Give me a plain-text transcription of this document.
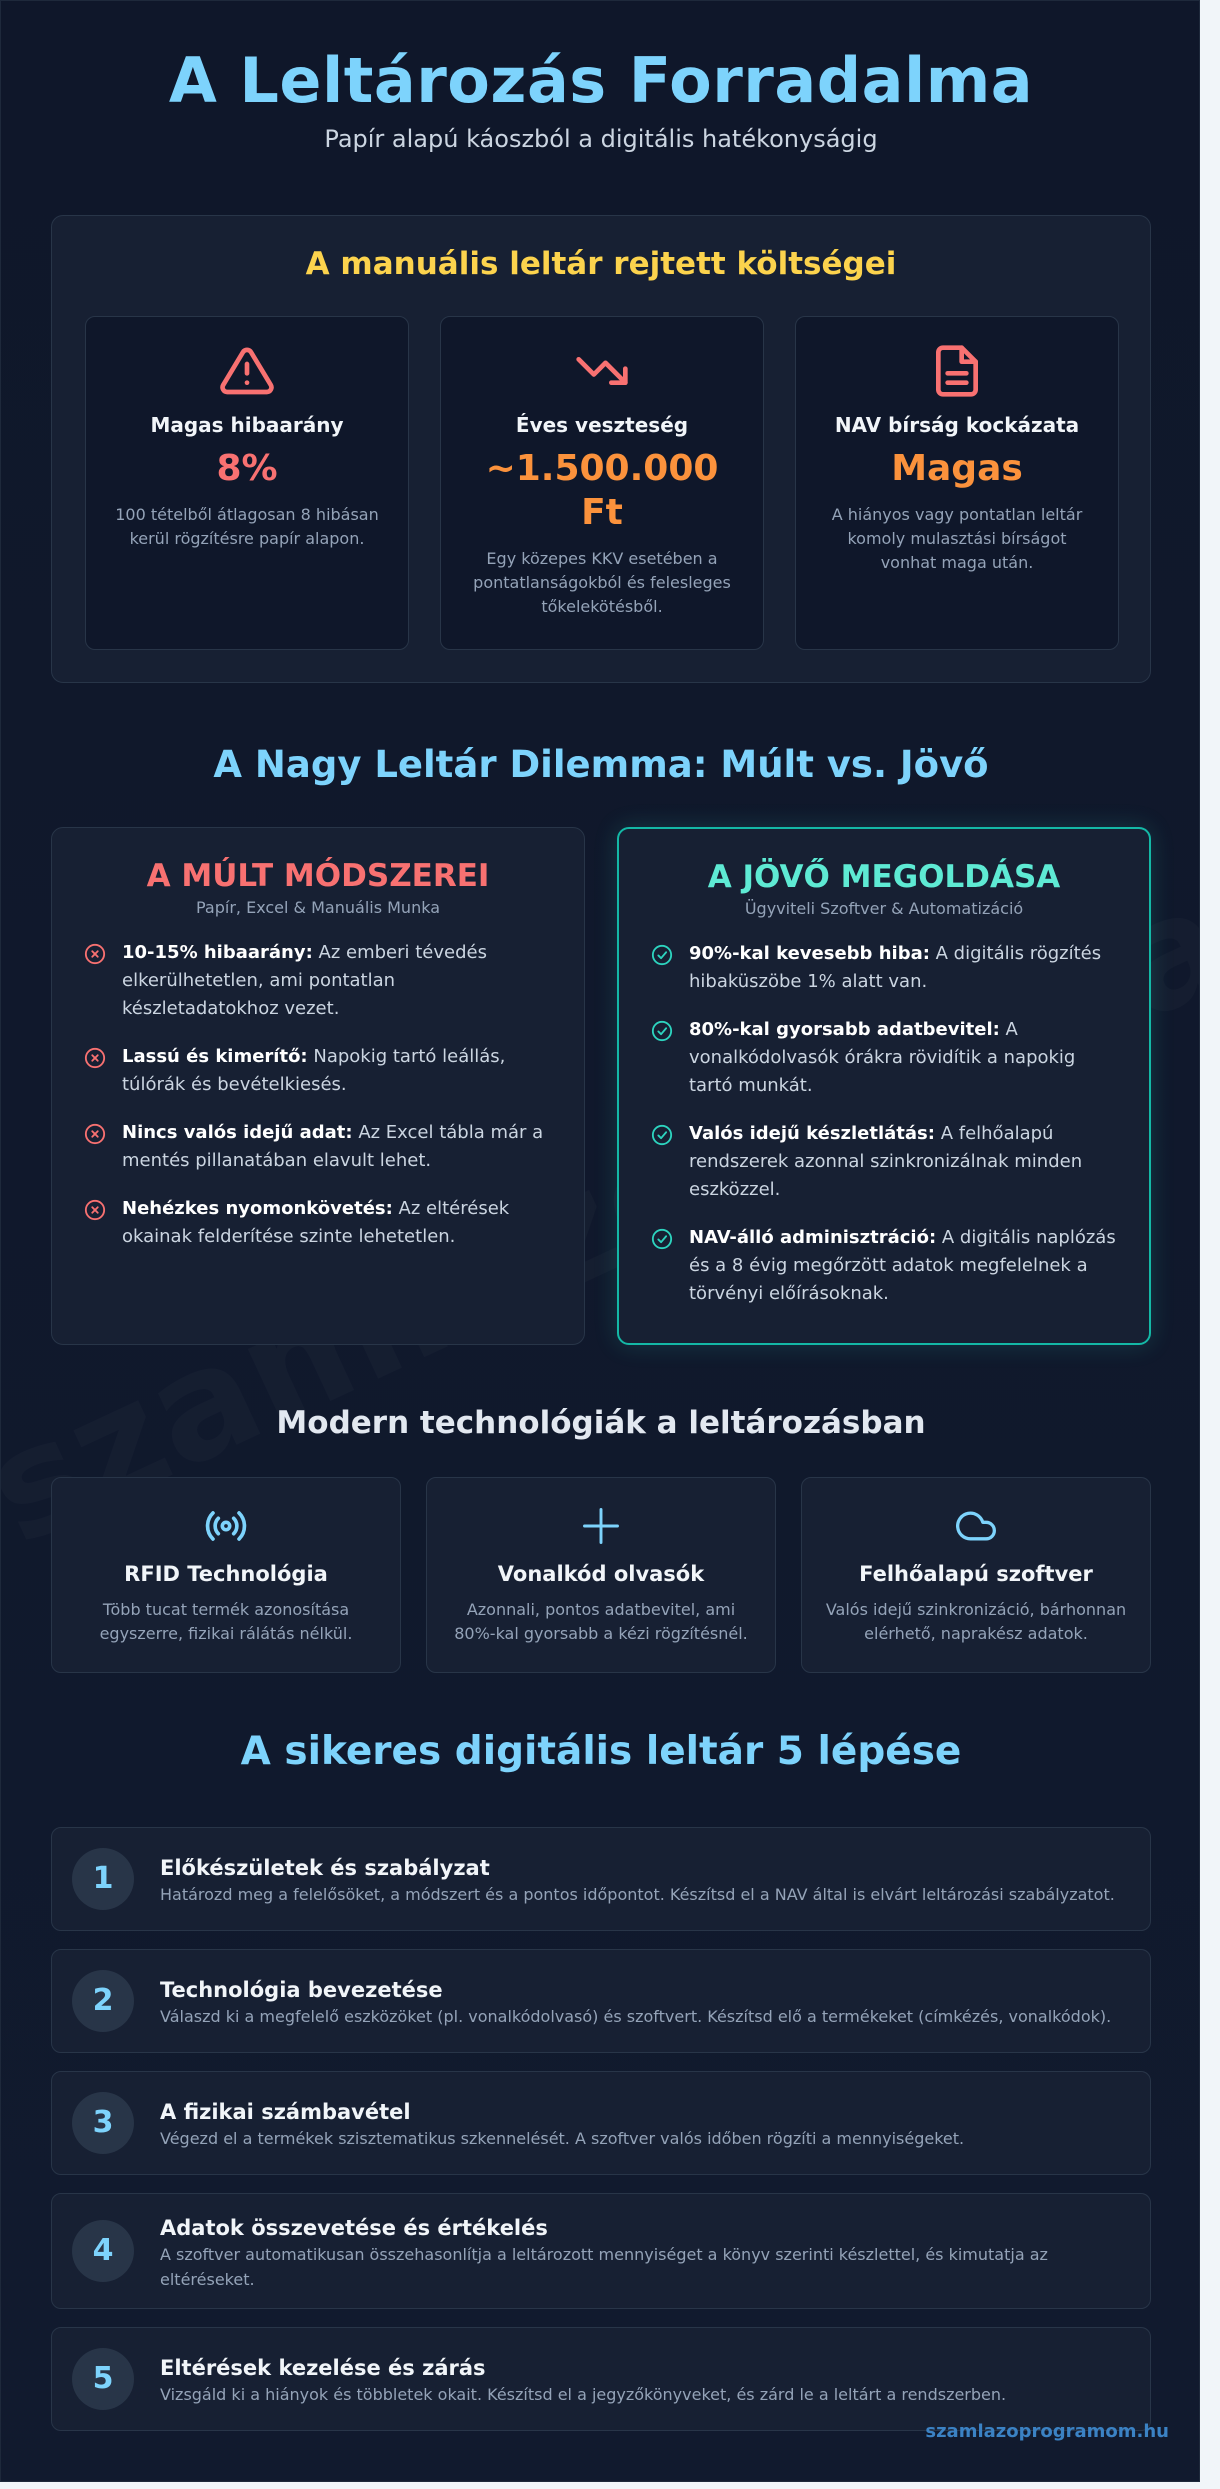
A Leltározás Forradalma
Papír alapú káoszból a digitális hatékonyságig
A manuális leltár rejtett költségei
Magas hibaarány
8%
100 tételből átlagosan 8 hibásan kerül rögzítésre papír alapon.
Éves veszteség
~1.500.000 Ft
Egy közepes KKV esetében a pontatlanságokból és felesleges tőkelekötésből.
NAV bírság kockázata
Magas
A hiányos vagy pontatlan leltár komoly mulasztási bírságot vonhat maga után.
A Nagy Leltár Dilemma: Múlt vs. Jövő
A MÚLT MÓDSZEREI
Papír, Excel & Manuális Munka
10-15% hibaarány: Az emberi tévedés elkerülhetetlen, ami pontatlan készletadatokhoz vezet.
Lassú és kimerítő: Napokig tartó leállás, túlórák és bevételkiesés.
Nincs valós idejű adat: Az Excel tábla már a mentés pillanatában elavult lehet.
Nehézkes nyomonkövetés: Az eltérések okainak felderítése szinte lehetetlen.
A JÖVŐ MEGOLDÁSA
Ügyviteli Szoftver & Automatizáció
90%-kal kevesebb hiba: A digitális rögzítés hibaküszöbe 1% alatt van.
80%-kal gyorsabb adatbevitel: A vonalkódolvasók órákra rövidítik a napokig tartó munkát.
Valós idejű készletlátás: A felhőalapú rendszerek azonnal szinkronizálnak minden eszközzel.
NAV-álló adminisztráció: A digitális naplózás és a 8 évig megőrzött adatok megfelelnek a törvényi előírásoknak.
Modern technológiák a leltározásban
RFID Technológia
Több tucat termék azonosítása egyszerre, fizikai rálátás nélkül.
Vonalkód olvasók
Azonnali, pontos adatbevitel, ami 80%-kal gyorsabb a kézi rögzítésnél.
Felhőalapú szoftver
Valós idejű szinkronizáció, bárhonnan elérhető, naprakész adatok.
A sikeres digitális leltár 5 lépése
1	Előkészületek és szabályzat
Határozd meg a felelősöket, a módszert és a pontos időpontot. Készítsd el a NAV által is elvárt leltározási szabályzatot.
2	Technológia bevezetése
Válaszd ki a megfelelő eszközöket (pl. vonalkódolvasó) és szoftvert. Készítsd elő a termékeket (címkézés, vonalkódok).
3	A fizikai számbavétel
Végezd el a termékek szisztematikus szkennelését. A szoftver valós időben rögzíti a mennyiségeket.
4
Adatok összevetése és értékelés
A szoftver automatikusan összehasonlítja a leltározott mennyiséget a könyv szerinti készlettel, és kimutatja az eltéréseket.
5	Eltérések kezelése és zárás
Vizsgáld ki a hiányok és többletek okait. Készítsd el a jegyzőkönyveket, és zárd le a leltárt a rendszerben.
szamlazoprogramom.hu
